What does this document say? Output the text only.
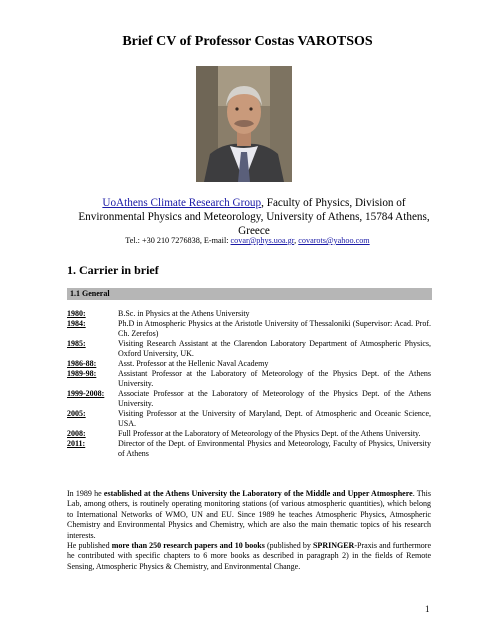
Brief CV of Professor Costas VAROTSOS
UoAthens Climate Research Group, Faculty of Physics, Division of Environmental Physics and Meteorology, University of Athens, 15784 Athens, Greece
Tel.: +30 210 7276838, E-mail: covar@phys.uoa.gr, covarots@yahoo.com
1. Carrier in brief
1.1 General
1980:	B.Sc. in Physics at the Athens University
1984:	Ph.D in Atmospheric Physics at the Aristotle University of Thessaloniki (Supervisor: Acad. Prof. Ch. Zerefos)
1985:	Visiting Research Assistant at the Clarendon Laboratory Department of Atmospheric Physics, Oxford University, UK.
1986-88:	Asst. Professor at the Hellenic Naval Academy
1989-98:	Assistant Professor at the Laboratory of Meteorology of the Physics Dept. of the Athens University.
1999-2008:	Associate Professor at the Laboratory of Meteorology of the Physics Dept. of the Athens University.
2005:	Visiting Professor at the University of Maryland, Dept. of Atmospheric and Oceanic Science, USA.
2008:	Full Professor at the Laboratory of Meteorology of the Physics Dept. of the Athens University.
2011:	Director of the Dept. of Environmental Physics and Meteorology, Faculty of Physics, University of Athens
In 1989 he established at the Athens University the Laboratory of the Middle and Upper Atmosphere. This Lab, among others, is routinely operating monitoring stations (of various atmospheric quantities), which belong to International Networks of WMO, UN and EU. Since 1989 he teaches Atmospheric Physics, Atmospheric Chemistry and Environmental Physics and Chemistry, which are also the main thematic topics of his research interests.
He published more than 250 research papers and 10 books (published by SPRINGER-Praxis and furthermore he contributed with specific chapters to 6 more books as described in paragraph 2) in the fields of Remote Sensing, Atmospheric Physics & Chemistry, and Environmental Change.
1
